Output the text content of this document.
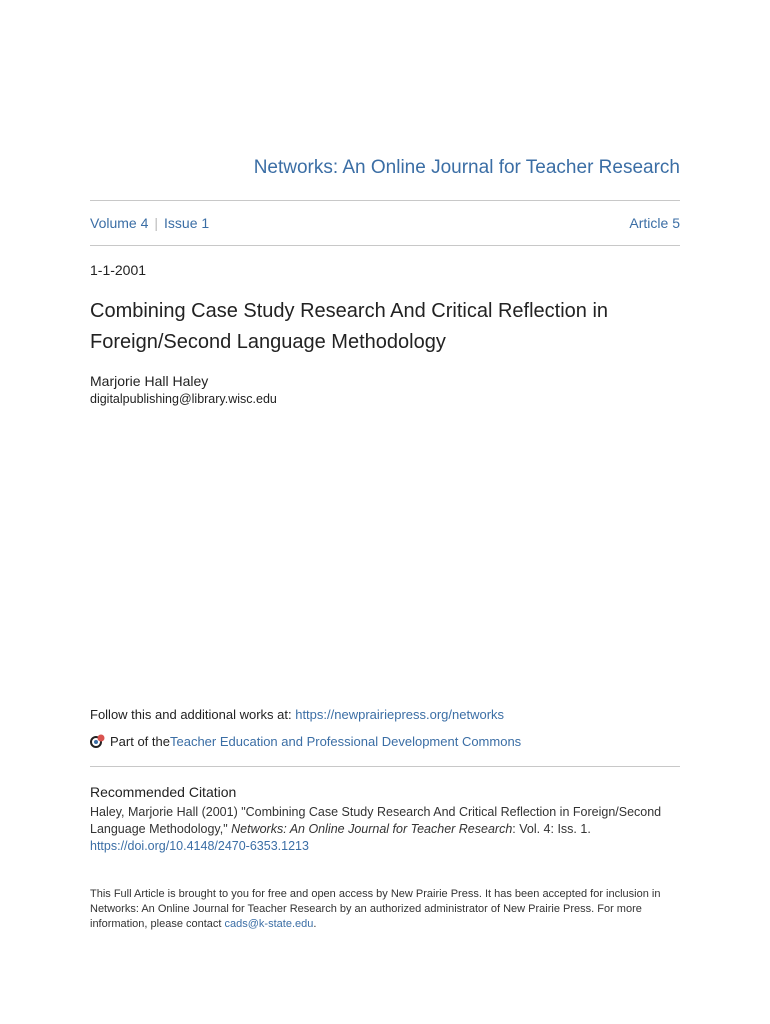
Networks: An Online Journal for Teacher Research
Volume 4 | Issue 1	Article 5
1-1-2001
Combining Case Study Research And Critical Reflection in Foreign/Second Language Methodology
Marjorie Hall Haley
digitalpublishing@library.wisc.edu
Follow this and additional works at: https://newprairiepress.org/networks
Part of the Teacher Education and Professional Development Commons
Recommended Citation
Haley, Marjorie Hall (2001) "Combining Case Study Research And Critical Reflection in Foreign/Second Language Methodology," Networks: An Online Journal for Teacher Research: Vol. 4: Iss. 1. https://doi.org/10.4148/2470-6353.1213
This Full Article is brought to you for free and open access by New Prairie Press. It has been accepted for inclusion in Networks: An Online Journal for Teacher Research by an authorized administrator of New Prairie Press. For more information, please contact cads@k-state.edu.
